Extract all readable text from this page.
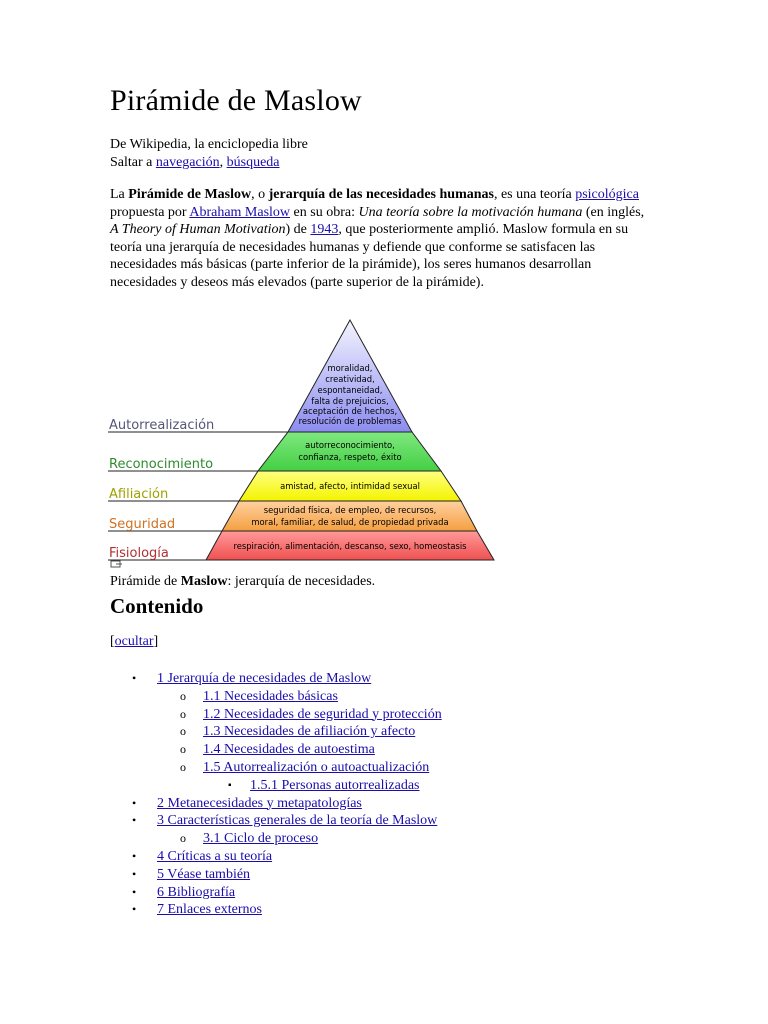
Pirámide de Maslow
De Wikipedia, la enciclopedia libre
Saltar a navegación, búsqueda
La Pirámide de Maslow, o jerarquía de las necesidades humanas, es una teoría psicológica propuesta por Abraham Maslow en su obra: Una teoría sobre la motivación humana (en inglés, A Theory of Human Motivation) de 1943, que posteriormente amplió. Maslow formula en su teoría una jerarquía de necesidades humanas y defiende que conforme se satisfacen las necesidades más básicas (parte inferior de la pirámide), los seres humanos desarrollan necesidades y deseos más elevados (parte superior de la pirámide).
Autorrealización
Reconocimiento
Afiliación
Seguridad
Fisiología
moralidad,
creatividad,
espontaneidad,
falta de prejuicios,
aceptación de hechos,
resolución de problemas
autorreconocimiento,
confianza, respeto, éxito
amistad, afecto, intimidad sexual
seguridad física, de empleo, de recursos,
moral, familiar, de salud, de propiedad privada
respiración, alimentación, descanso, sexo, homeostasis
Pirámide de Maslow: jerarquía de necesidades.
Contenido
[ocultar]
• 1 Jerarquía de necesidades de Maslow
o 1.1 Necesidades básicas
o 1.2 Necesidades de seguridad y protección
o 1.3 Necesidades de afiliación y afecto
o 1.4 Necesidades de autoestima
o 1.5 Autorrealización o autoactualización
▪ 1.5.1 Personas autorrealizadas
• 2 Metanecesidades y metapatologías
• 3 Características generales de la teoría de Maslow
o 3.1 Ciclo de proceso
• 4 Críticas a su teoría
• 5 Véase también
• 6 Bibliografía
• 7 Enlaces externos
